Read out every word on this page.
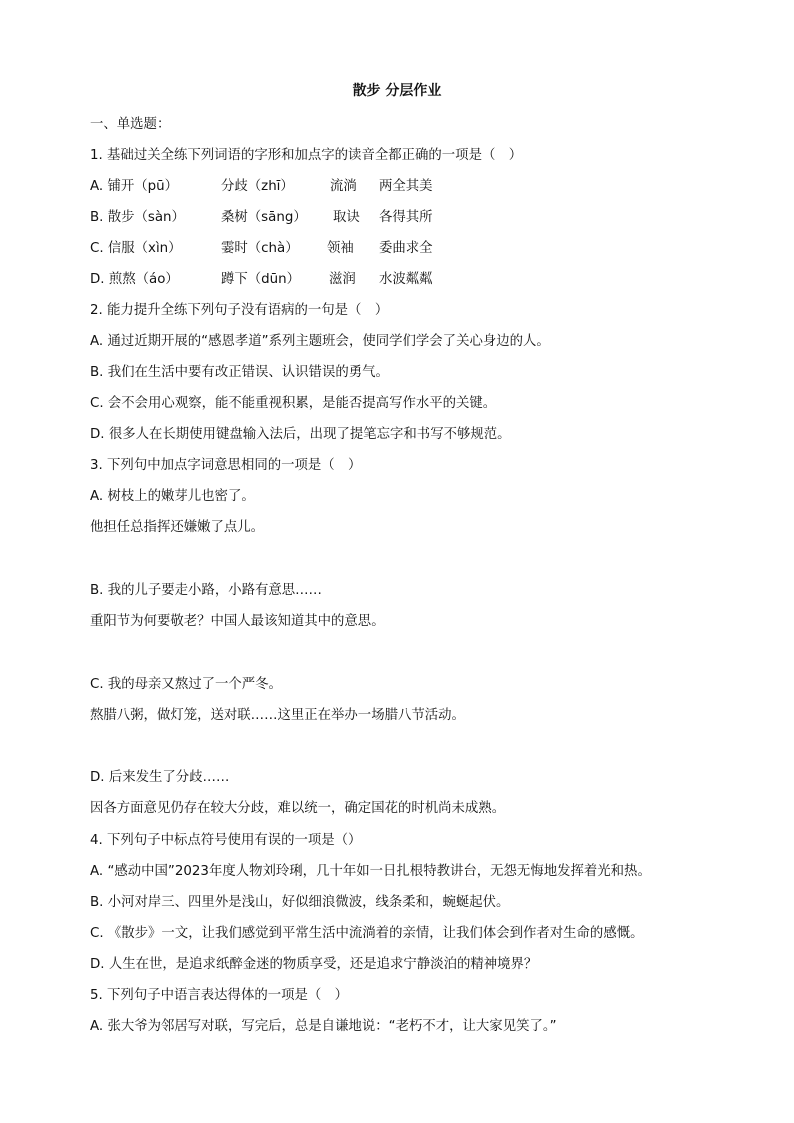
散步 分层作业
一、单选题：
1. 基础过关全练下列词语的字形和加点字的读音全都正确的一项是（　）
A. 铺开（pū）	分歧（zhī）	流淌 两全其美
B. 散步（sàn）	桑树（sāng） 取诀 各得其所
C. 信服（xìn）	霎时（chà） 领袖 委曲求全
D. 煎熬（áo）	蹲下（dūn） 滋润 水波粼粼
2. 能力提升全练下列句子没有语病的一句是（　）
A. 通过近期开展的“感恩孝道”系列主题班会，使同学们学会了关心身边的人。
B. 我们在生活中要有改正错误、认识错误的勇气。
C. 会不会用心观察，能不能重视积累，是能否提高写作水平的关键。
D. 很多人在长期使用键盘输入法后，出现了提笔忘字和书写不够规范。
3. 下列句中加点字词意思相同的一项是（　）
A. 树枝上的嫩芽儿也密了。
他担任总指挥还嫌嫩了点儿。
B. 我的儿子要走小路，小路有意思……
重阳节为何要敬老？中国人最该知道其中的意思。
C. 我的母亲又熬过了一个严冬。
熬腊八粥，做灯笼，送对联……这里正在举办一场腊八节活动。
D. 后来发生了分歧……
因各方面意见仍存在较大分歧，难以统一，确定国花的时机尚未成熟。
4. 下列句子中标点符号使用有误的一项是（）
A. “感动中国”2023年度人物刘玲琍，几十年如一日扎根特教讲台，无怨无悔地发挥着光和热。
B. 小河对岸三、四里外是浅山，好似细浪微波，线条柔和，蜿蜒起伏。
C. 《散步》一文，让我们感觉到平常生活中流淌着的亲情，让我们体会到作者对生命的感慨。
D. 人生在世，是追求纸醉金迷的物质享受，还是追求宁静淡泊的精神境界？
5. 下列句子中语言表达得体的一项是（　）
A. 张大爷为邻居写对联，写完后，总是自谦地说：“老朽不才，让大家见笑了。”
